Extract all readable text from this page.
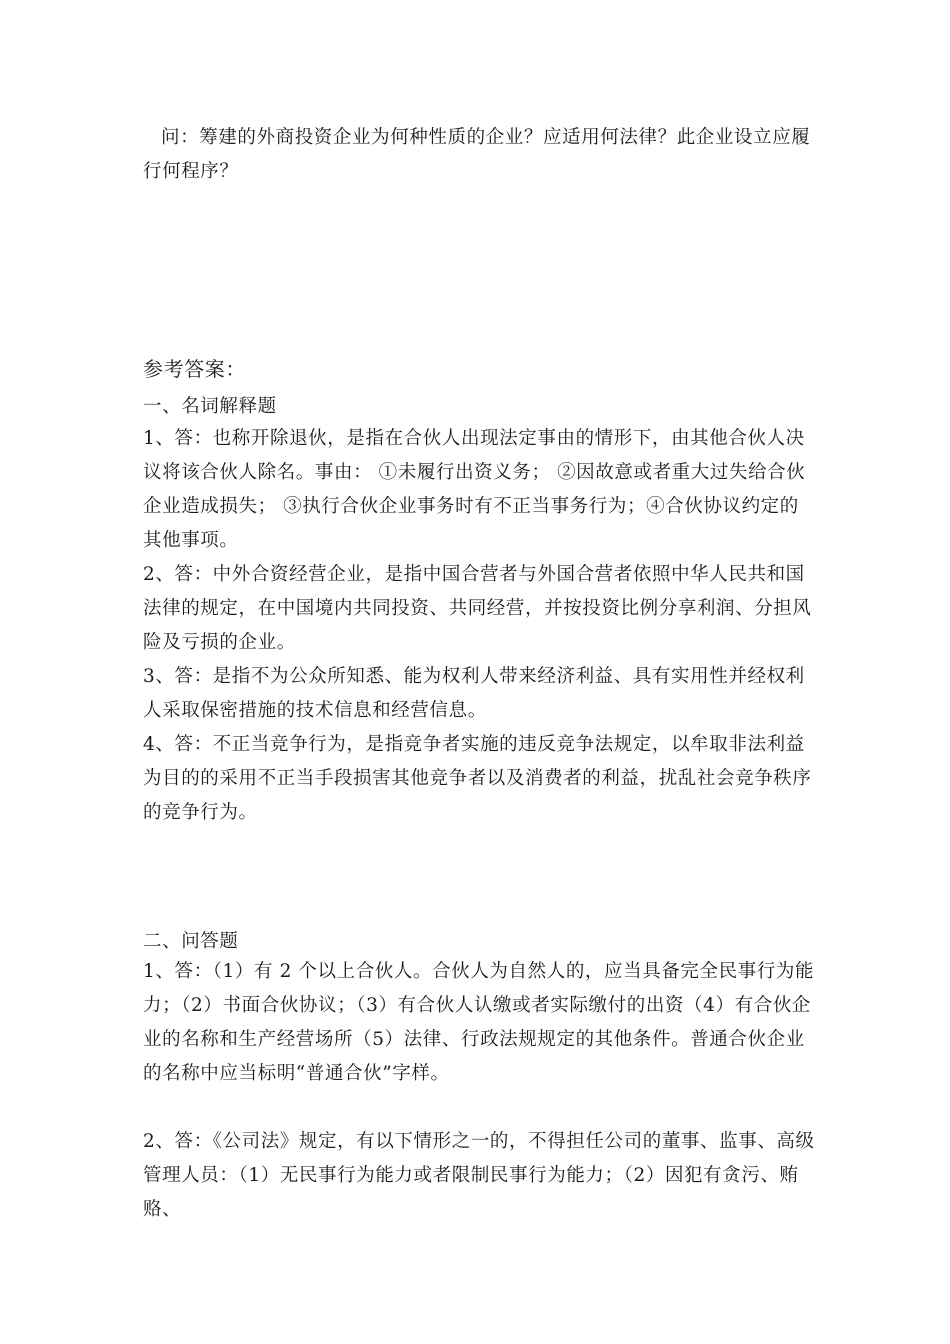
问：筹建的外商投资企业为何种性质的企业？应适用何法律？此企业设立应履行何程序？

参考答案：
一、名词解释题

1、答：也称开除退伙，是指在合伙人出现法定事由的情形下，由其他合伙人决议将该合伙人除名。事由： ①未履行出资义务； ②因故意或者重大过失给合伙企业造成损失； ③执行合伙企业事务时有不正当事务行为；④合伙协议约定的其他事项。

2、答：中外合资经营企业，是指中国合营者与外国合营者依照中华人民共和国法律的规定，在中国境内共同投资、共同经营，并按投资比例分享利润、分担风险及亏损的企业。

3、答：是指不为公众所知悉、能为权利人带来经济利益、具有实用性并经权利人采取保密措施的技术信息和经营信息。

4、答：不正当竞争行为，是指竞争者实施的违反竞争法规定，以牟取非法利益为目的的采用不正当手段损害其他竞争者以及消费者的利益，扰乱社会竞争秩序的竞争行为。

二、问答题

1、答：（1）有 2 个以上合伙人。合伙人为自然人的，应当具备完全民事行为能力；（2）书面合伙协议；（3）有合伙人认缴或者实际缴付的出资（4）有合伙企业的名称和生产经营场所（5）法律、行政法规规定的其他条件。普通合伙企业的名称中应当标明“普通合伙”字样。

2、答：《公司法》规定，有以下情形之一的，不得担任公司的董事、监事、高级管理人员：（1）无民事行为能力或者限制民事行为能力；（2）因犯有贪污、贿赂、
